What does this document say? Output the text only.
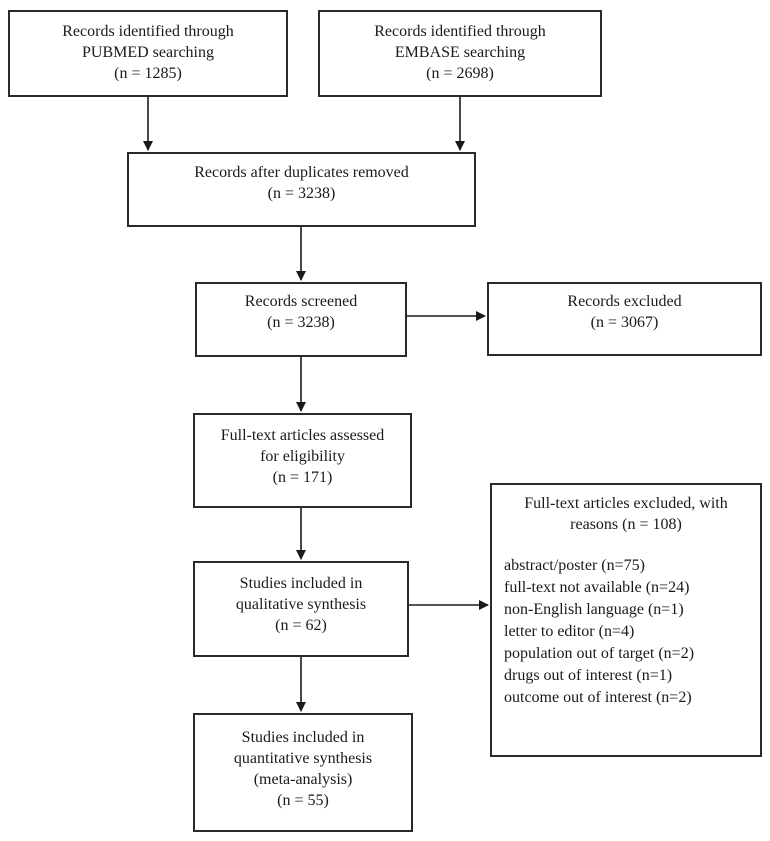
Records identified through
PUBMED searching
(n = 1285)
Records identified through
EMBASE searching
(n = 2698)
Records after duplicates removed
(n = 3238)
Records screened
(n = 3238)
Records excluded
(n = 3067)
Full-text articles assessed
for eligibility
(n = 171)
Studies included in
qualitative synthesis
(n = 62)
Full-text articles excluded, with
reasons (n = 108)
abstract/poster (n=75)
full-text not available (n=24)
non-English language (n=1)
letter to editor (n=4)
population out of target (n=2)
drugs out of interest (n=1)
outcome out of interest (n=2)
Studies included in
quantitative synthesis
(meta-analysis)
(n = 55)
